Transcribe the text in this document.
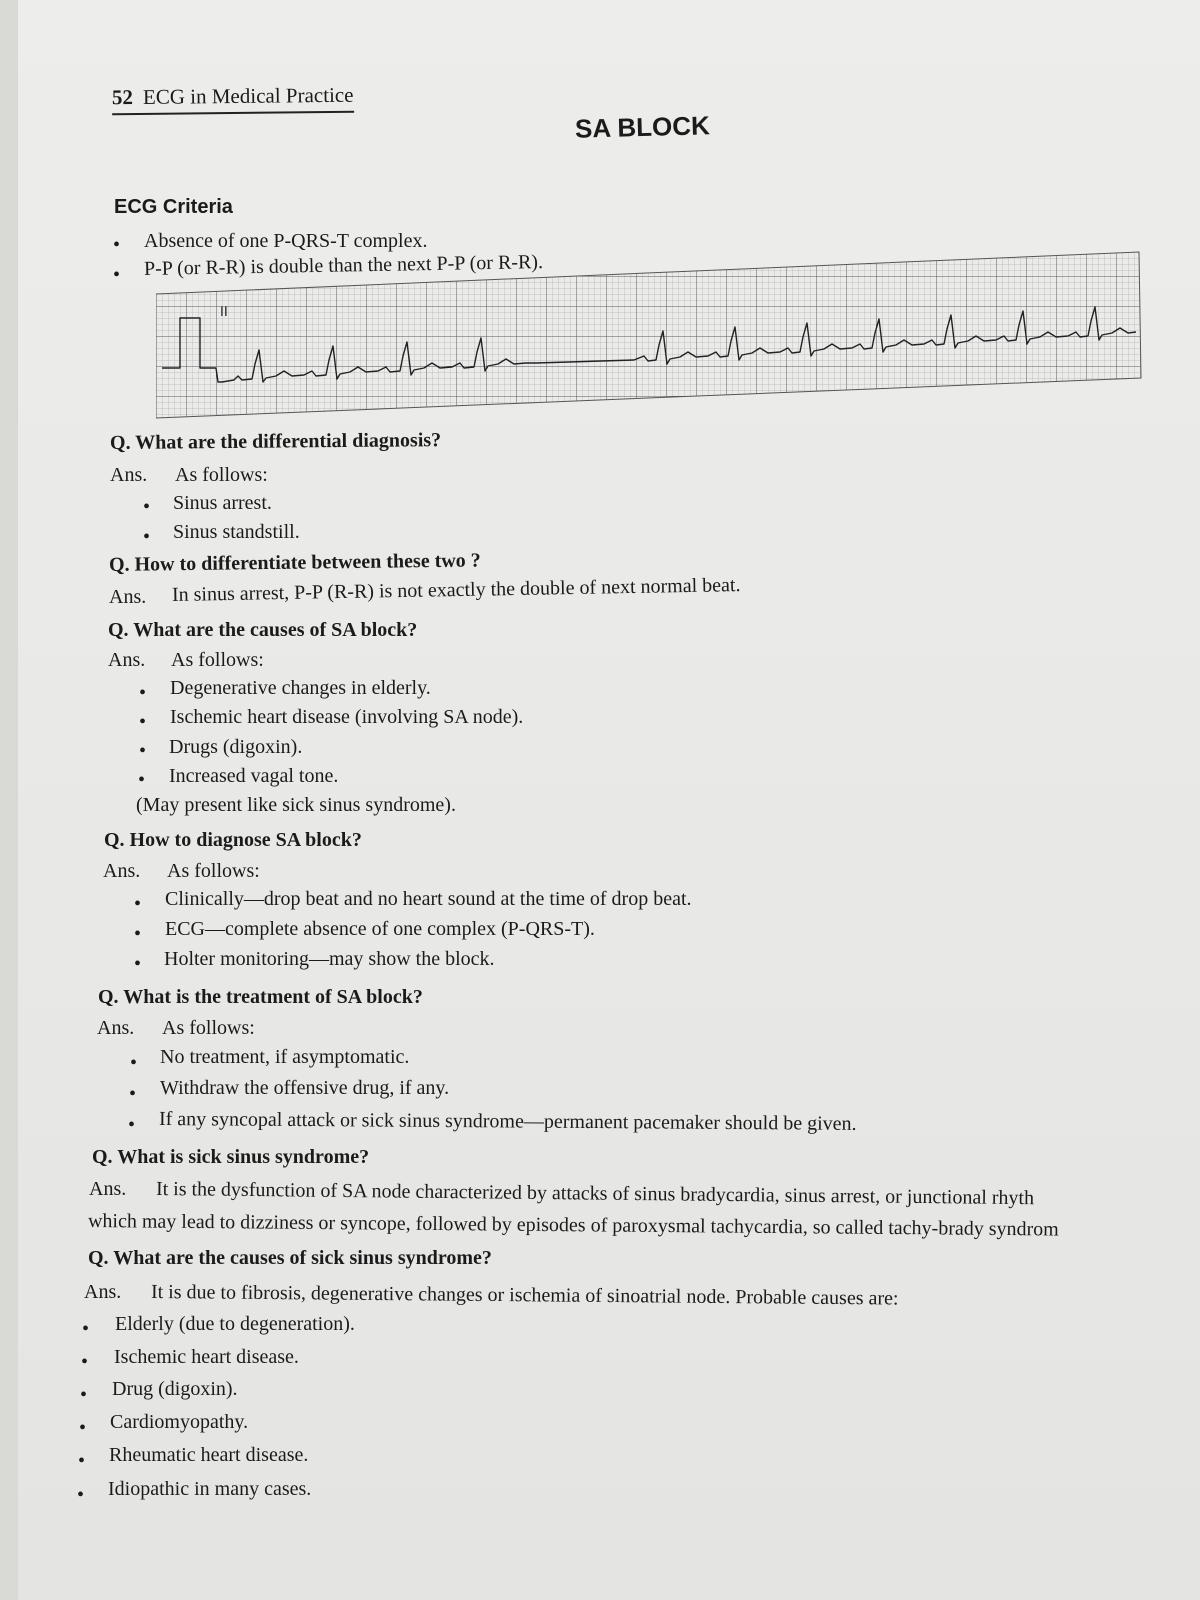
52 ECG in Medical Practice
SA BLOCK
ECG Criteria
• Absence of one P-QRS-T complex.
• P-P (or R-R) is double than the next P-P (or R-R).
II
Q. What are the differential diagnosis?
Ans. As follows:
• Sinus arrest.
• Sinus standstill.
Q. How to differentiate between these two ?
Ans. In sinus arrest, P-P (R-R) is not exactly the double of next normal beat.
Q. What are the causes of SA block?
Ans. As follows:
• Degenerative changes in elderly.
• Ischemic heart disease (involving SA node).
• Drugs (digoxin).
• Increased vagal tone.
(May present like sick sinus syndrome).
Q. How to diagnose SA block?
Ans. As follows:
• Clinically—drop beat and no heart sound at the time of drop beat.
• ECG—complete absence of one complex (P-QRS-T).
• Holter monitoring—may show the block.
Q. What is the treatment of SA block?
Ans. As follows:
• No treatment, if asymptomatic.
• Withdraw the offensive drug, if any.
• If any syncopal attack or sick sinus syndrome—permanent pacemaker should be given.
Q. What is sick sinus syndrome?
Ans. It is the dysfunction of SA node characterized by attacks of sinus bradycardia, sinus arrest, or junctional rhyth
which may lead to dizziness or syncope, followed by episodes of paroxysmal tachycardia, so called tachy-brady syndrom
Q. What are the causes of sick sinus syndrome?
Ans. It is due to fibrosis, degenerative changes or ischemia of sinoatrial node. Probable causes are:
• Elderly (due to degeneration).
• Ischemic heart disease.
• Drug (digoxin).
• Cardiomyopathy.
• Rheumatic heart disease.
• Idiopathic in many cases.
